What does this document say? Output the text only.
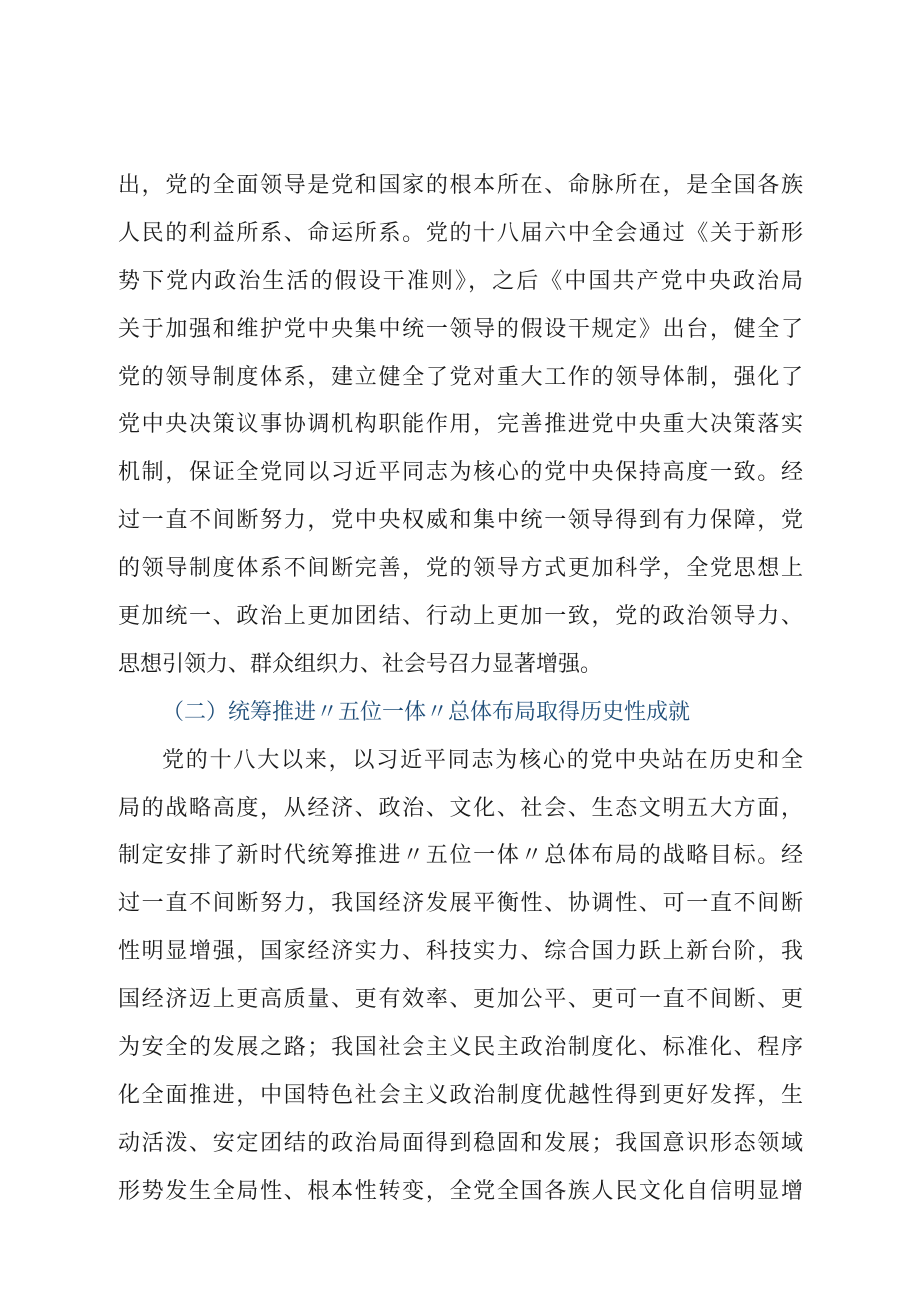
出，党的全面领导是党和国家的根本所在、命脉所在，是全国各族
人民的利益所系、命运所系。党的十八届六中全会通过《关于新形
势下党内政治生活的假设干准则》，之后《中国共产党中央政治局
关于加强和维护党中央集中统一领导的假设干规定》出台，健全了
党的领导制度体系，建立健全了党对重大工作的领导体制，强化了
党中央决策议事协调机构职能作用，完善推进党中央重大决策落实
机制，保证全党同以习近平同志为核心的党中央保持高度一致。经
过一直不间断努力，党中央权威和集中统一领导得到有力保障，党
的领导制度体系不间断完善，党的领导方式更加科学，全党思想上
更加统一、政治上更加团结、行动上更加一致，党的政治领导力、
思想引领力、群众组织力、社会号召力显著增强。
（二）统筹推进〃五位一体〃总体布局取得历史性成就
党的十八大以来，以习近平同志为核心的党中央站在历史和全
局的战略高度，从经济、政治、文化、社会、生态文明五大方面，
制定安排了新时代统筹推进〃五位一体〃总体布局的战略目标。经
过一直不间断努力，我国经济发展平衡性、协调性、可一直不间断
性明显增强，国家经济实力、科技实力、综合国力跃上新台阶，我
国经济迈上更高质量、更有效率、更加公平、更可一直不间断、更
为安全的发展之路；我国社会主义民主政治制度化、标准化、程序
化全面推进，中国特色社会主义政治制度优越性得到更好发挥，生
动活泼、安定团结的政治局面得到稳固和发展；我国意识形态领域
形势发生全局性、根本性转变，全党全国各族人民文化自信明显增
